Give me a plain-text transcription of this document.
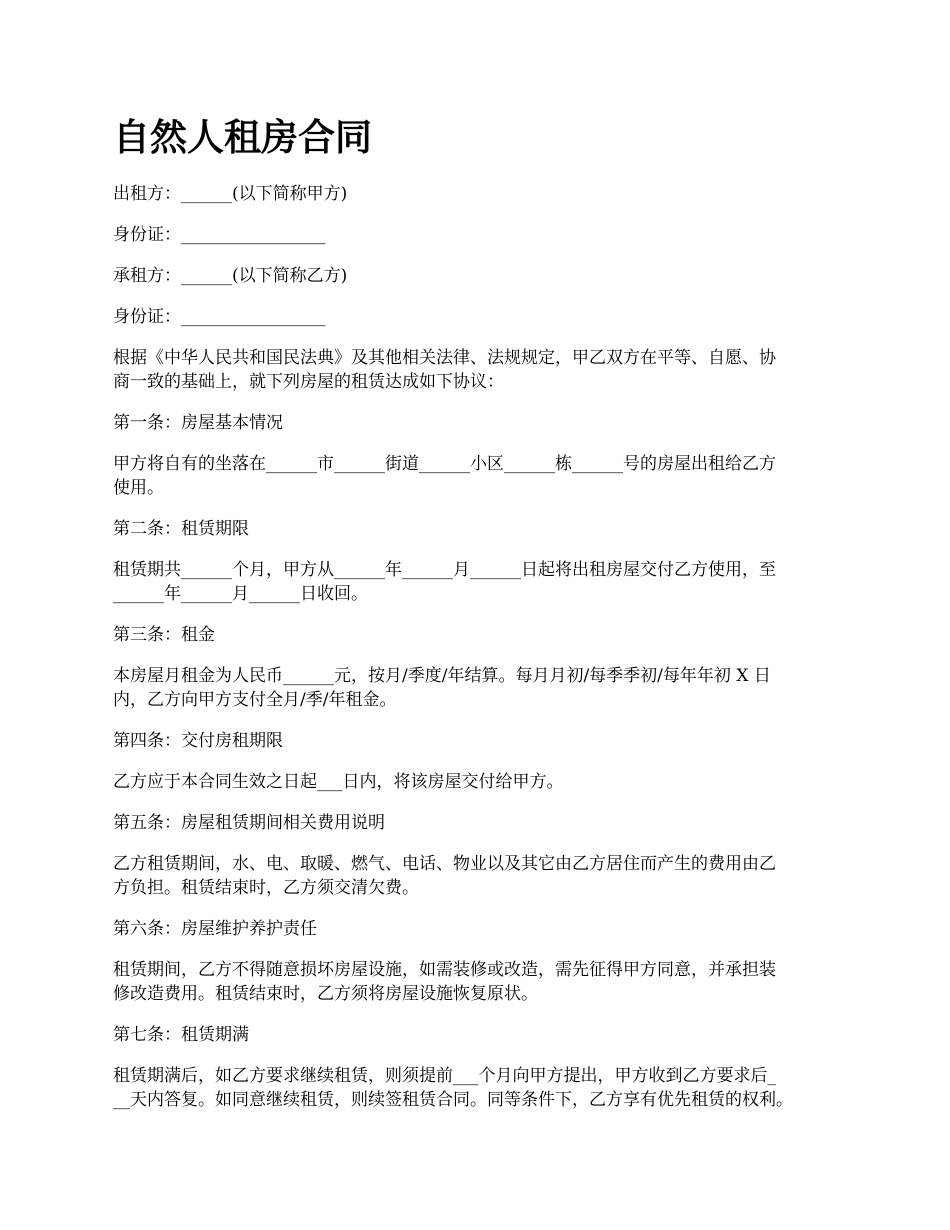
自然人租房合同
出租方：______(以下简称甲方)
身份证：_________________
承租方：______(以下简称乙方)
身份证：_________________
根据《中华人民共和国民法典》及其他相关法律、法规规定，甲乙双方在平等、自愿、协
商一致的基础上，就下列房屋的租赁达成如下协议：
第一条：房屋基本情况
甲方将自有的坐落在______市______街道______小区______栋______号的房屋出租给乙方
使用。
第二条：租赁期限
租赁期共______个月，甲方从______年______月______日起将出租房屋交付乙方使用，至
______年______月______日收回。
第三条：租金
本房屋月租金为人民币______元，按月/季度/年结算。每月月初/每季季初/每年年初 X 日
内，乙方向甲方支付全月/季/年租金。
第四条：交付房租期限
乙方应于本合同生效之日起___日内，将该房屋交付给甲方。
第五条：房屋租赁期间相关费用说明
乙方租赁期间，水、电、取暖、燃气、电话、物业以及其它由乙方居住而产生的费用由乙
方负担。租赁结束时，乙方须交清欠费。
第六条：房屋维护养护责任
租赁期间，乙方不得随意损坏房屋设施，如需装修或改造，需先征得甲方同意，并承担装
修改造费用。租赁结束时，乙方须将房屋设施恢复原状。
第七条：租赁期满
租赁期满后，如乙方要求继续租赁，则须提前___个月向甲方提出，甲方收到乙方要求后_
__天内答复。如同意继续租赁，则续签租赁合同。同等条件下，乙方享有优先租赁的权利。
